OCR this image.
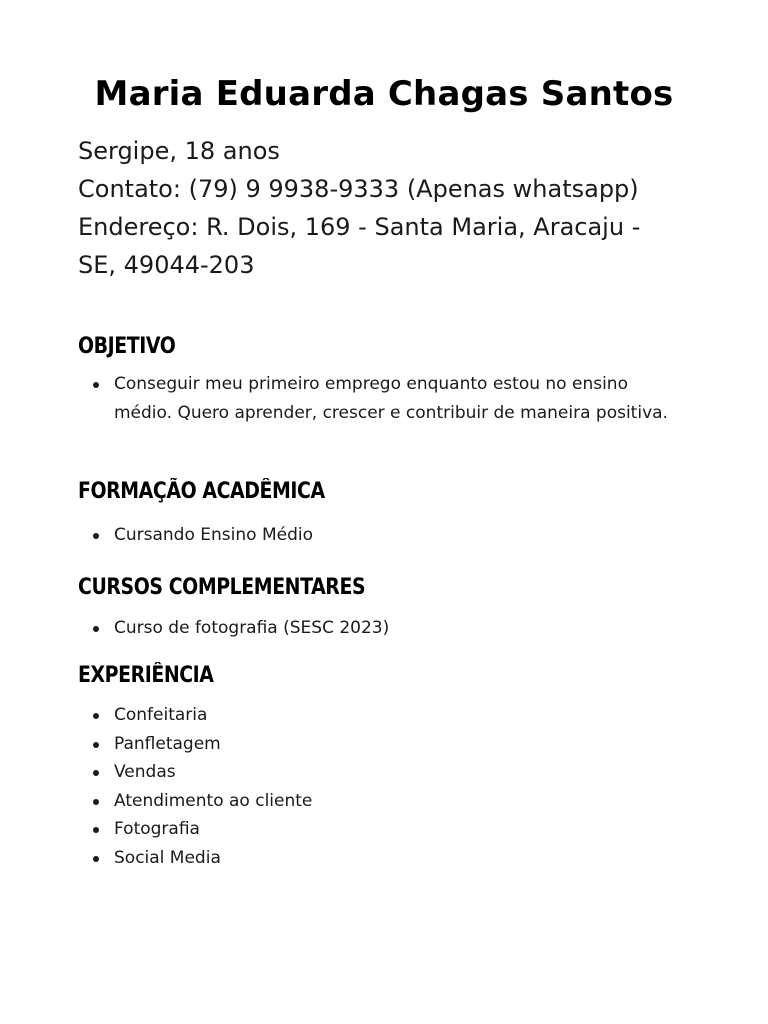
Maria Eduarda Chagas Santos
Sergipe, 18 anos
Contato: (79) 9 9938-9333 (Apenas whatsapp)
Endereço: R. Dois, 169 - Santa Maria, Aracaju -
SE, 49044-203
OBJETIVO
Conseguir meu primeiro emprego enquanto estou no ensino médio. Quero aprender, crescer e contribuir de maneira positiva.
FORMAÇÃO ACADÊMICA
Cursando Ensino Médio
CURSOS COMPLEMENTARES
Curso de fotografia (SESC 2023)
EXPERIÊNCIA
Confeitaria
Panfletagem
Vendas
Atendimento ao cliente
Fotografia
Social Media
